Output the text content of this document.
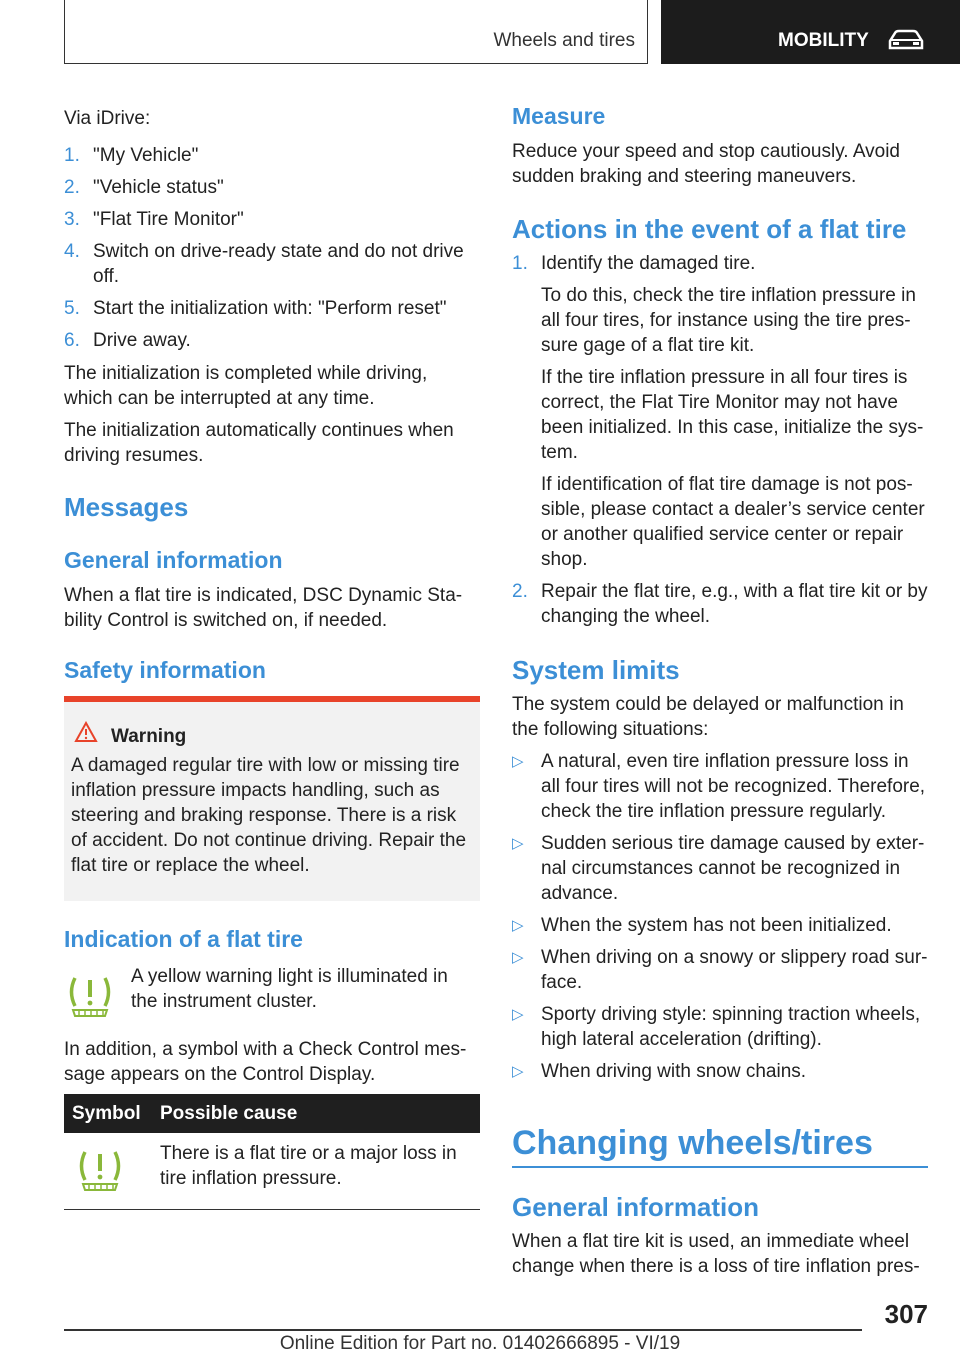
Wheels and tires	MOBILITY
Via iDrive:
1. "My Vehicle"
2. "Vehicle status"
3. "Flat Tire Monitor"
4. Switch on drive-ready state and do not drive
off.
5. Start the initialization with: "Perform reset"
6. Drive away.
The initialization is completed while driving,
which can be interrupted at any time.
The initialization automatically continues when
driving resumes.
Messages
General information
When a flat tire is indicated, DSC Dynamic Sta-
bility Control is switched on, if needed.
Safety information
Warning
A damaged regular tire with low or missing tire
inflation pressure impacts handling, such as
steering and braking response. There is a risk
of accident. Do not continue driving. Repair the
flat tire or replace the wheel.
Indication of a flat tire
A yellow warning light is illuminated in
the instrument cluster.
In addition, a symbol with a Check Control mes-
sage appears on the Control Display.
Symbol Possible cause
There is a flat tire or a major loss in
tire inflation pressure.
Measure
Reduce your speed and stop cautiously. Avoid
sudden braking and steering maneuvers.
Actions in the event of a flat tire
1. Identify the damaged tire.
To do this, check the tire inflation pressure in
all four tires, for instance using the tire pres-
sure gage of a flat tire kit.
If the tire inflation pressure in all four tires is
correct, the Flat Tire Monitor may not have
been initialized. In this case, initialize the sys-
tem.
If identification of flat tire damage is not pos-
sible, please contact a dealer’s service center
or another qualified service center or repair
shop.
2. Repair the flat tire, e.g., with a flat tire kit or by
changing the wheel.
System limits
The system could be delayed or malfunction in
the following situations:
▷ A natural, even tire inflation pressure loss in
all four tires will not be recognized. Therefore,
check the tire inflation pressure regularly.
▷ Sudden serious tire damage caused by exter-
nal circumstances cannot be recognized in
advance.
▷ When the system has not been initialized.
▷ When driving on a snowy or slippery road sur-
face.
▷ Sporty driving style: spinning traction wheels,
high lateral acceleration (drifting).
▷ When driving with snow chains.
Changing wheels/tires
General information
When a flat tire kit is used, an immediate wheel
change when there is a loss of tire inflation pres-
307
Online Edition for Part no. 01402666895 - VI/19
